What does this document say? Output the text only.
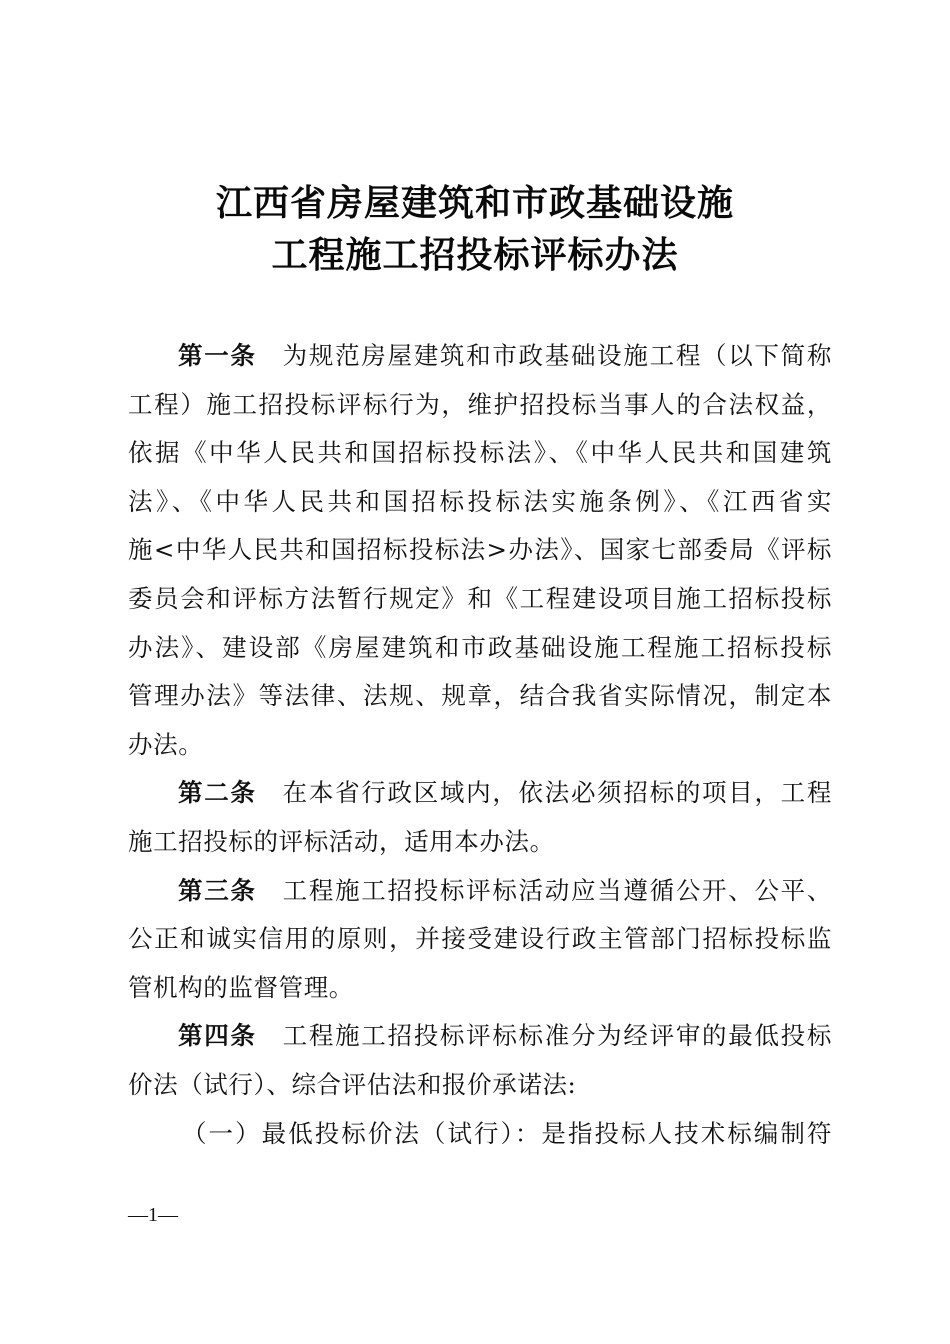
江西省房屋建筑和市政基础设施
工程施工招投标评标办法
第一条 为规范房屋建筑和市政基础设施工程（以下简称
工程）施工招投标评标行为，维护招投标当事人的合法权益，
依据《中华人民共和国招标投标法》、《中华人民共和国建筑
法》、《中华人民共和国招标投标法实施条例》、《江西省实
施<中华人民共和国招标投标法>办法》、国家七部委局《评标
委员会和评标方法暂行规定》和《工程建设项目施工招标投标
办法》、建设部《房屋建筑和市政基础设施工程施工招标投标
管理办法》等法律、法规、规章，结合我省实际情况，制定本
办法。
第二条 在本省行政区域内，依法必须招标的项目，工程
施工招投标的评标活动，适用本办法。
第三条 工程施工招投标评标活动应当遵循公开、公平、
公正和诚实信用的原则，并接受建设行政主管部门招标投标监
管机构的监督管理。
第四条 工程施工招投标评标标准分为经评审的最低投标
价法（试行）、综合评估法和报价承诺法:
（一）最低投标价法（试行）：是指投标人技术标编制符
—1—
